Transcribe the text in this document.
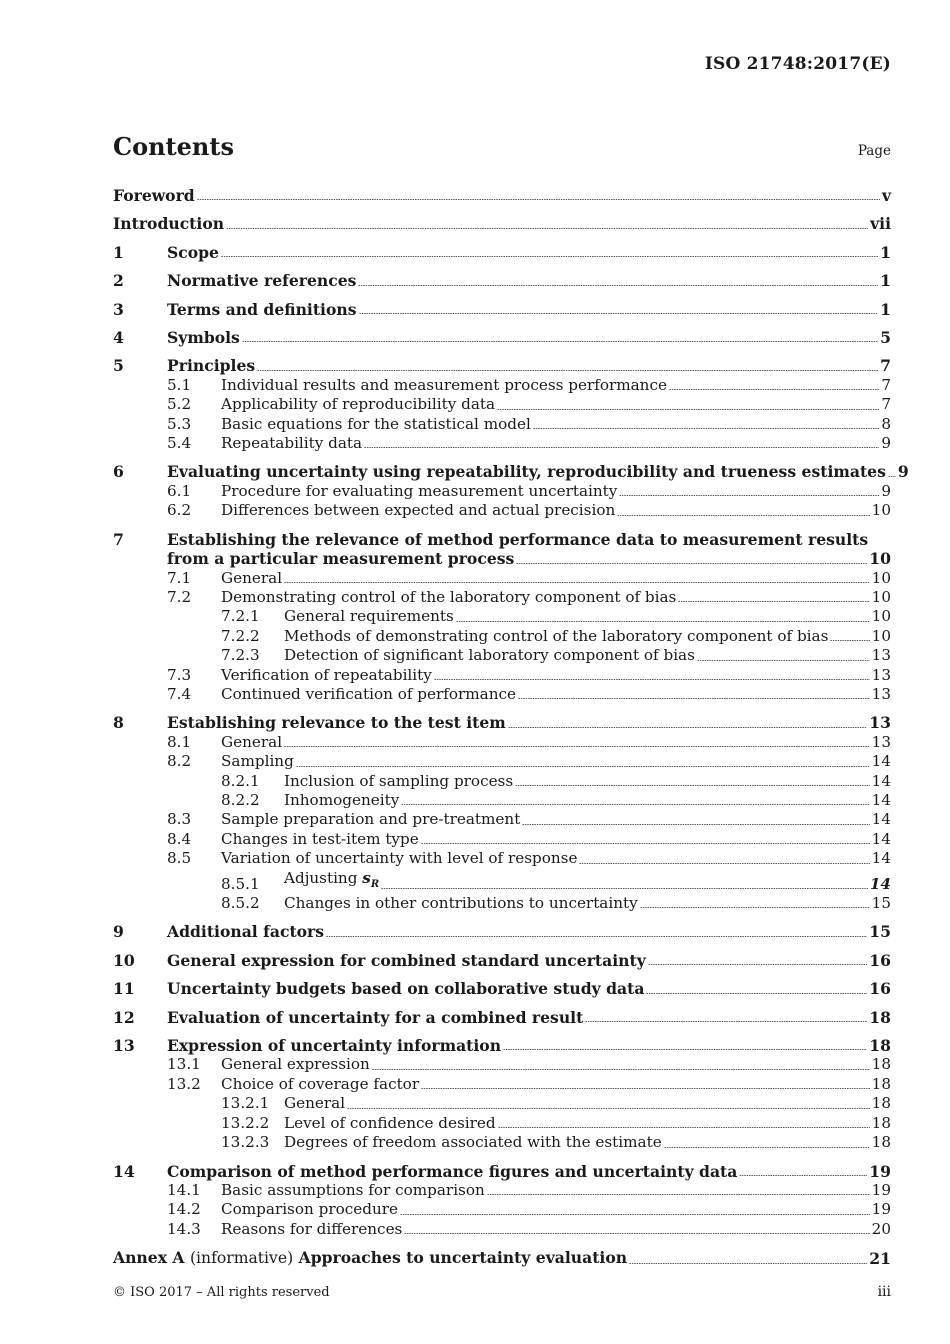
ISO 21748:2017(E)
Contents	Page
Foreword	v
Introduction	vii
1	Scope	1
2	Normative references	1
3	Terms and definitions	1
4	Symbols	5
5	Principles	7
5.1	Individual results and measurement process performance	7
5.2	Applicability of reproducibility data	7
5.3	Basic equations for the statistical model	8
5.4	Repeatability data	9
6	Evaluating uncertainty using repeatability, reproducibility and trueness estimates 9
6.1	Procedure for evaluating measurement uncertainty	9
6.2	Differences between expected and actual precision	10
7	Establishing the relevance of method performance data to measurement results
from a particular measurement process	10
7.1	General	10
7.2	Demonstrating control of the laboratory component of bias	10
7.2.1	General requirements	10
7.2.2	Methods of demonstrating control of the laboratory component of bias	10
7.2.3	Detection of significant laboratory component of bias	13
7.3	Verification of repeatability	13
7.4	Continued verification of performance	13
8	Establishing relevance to the test item	13
8.1	General	13
8.2	Sampling	14
8.2.1	Inclusion of sampling process	14
8.2.2	Inhomogeneity	14
8.3	Sample preparation and pre-treatment	14
8.4	Changes in test-item type	14
8.5	Variation of uncertainty with level of response	14
8.5.1	Adjusting $s_R$	14
8.5.2	Changes in other contributions to uncertainty	15
9	Additional factors	15
10	General expression for combined standard uncertainty	16
11	Uncertainty budgets based on collaborative study data	16
12	Evaluation of uncertainty for a combined result	18
13	Expression of uncertainty information	18
13.1	General expression	18
13.2	Choice of coverage factor	18
13.2.1 General	18
13.2.2 Level of confidence desired	18
13.2.3 Degrees of freedom associated with the estimate	18
14	Comparison of method performance figures and uncertainty data	19
14.1	Basic assumptions for comparison	19
14.2	Comparison procedure	19
14.3	Reasons for differences	20
Annex A (informative) Approaches to uncertainty evaluation	21
© ISO 2017 – All rights reserved	iii
